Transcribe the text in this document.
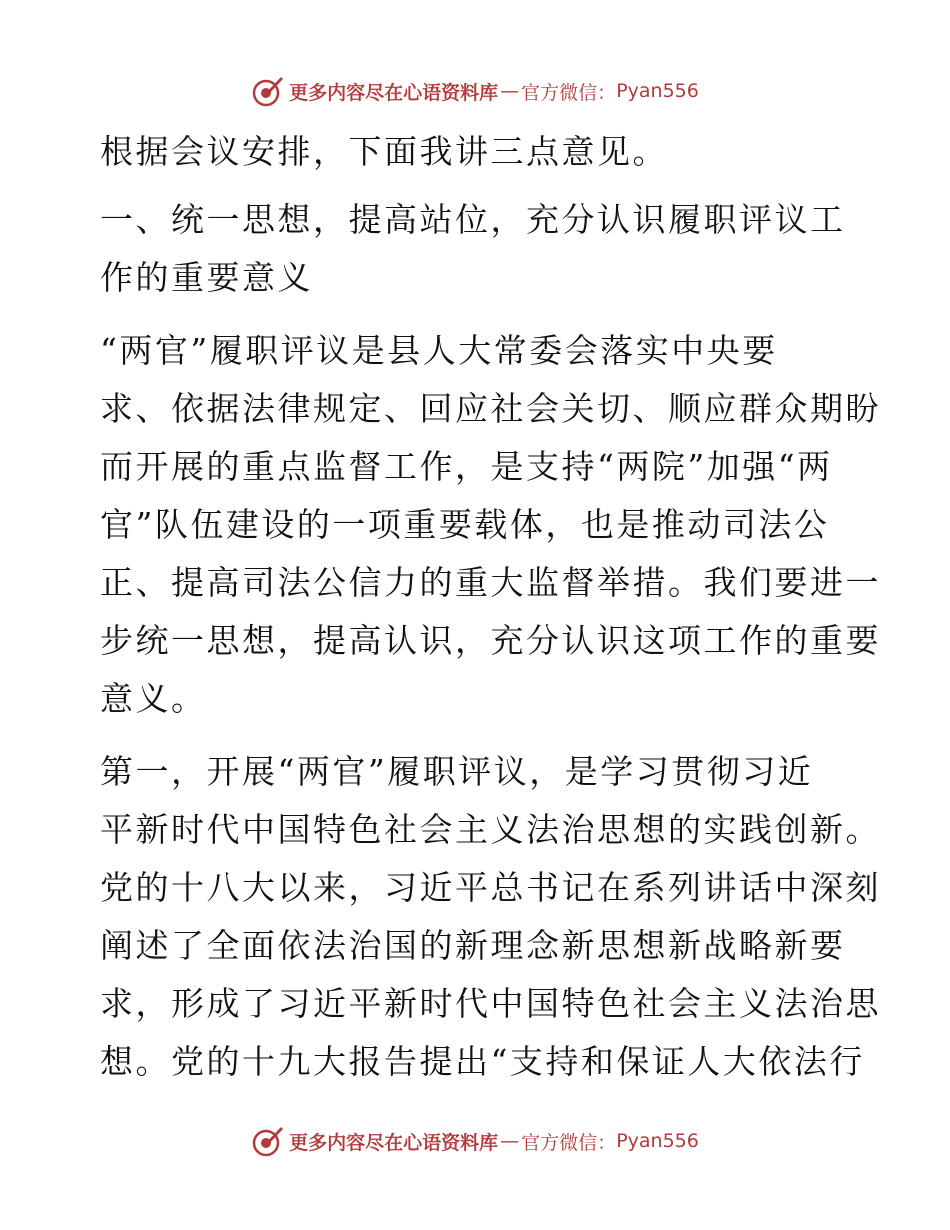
更多内容尽在心语资料库 — 官方微信： Pyan556
根据会议安排，下面我讲三点意见。
一、统一思想，提高站位，充分认识履职评议工
作的重要意义
“两官”履职评议是县人大常委会落实中央要
求、依据法律规定、回应社会关切、顺应群众期盼
而开展的重点监督工作，是支持“两院”加强“两
官”队伍建设的一项重要载体，也是推动司法公
正、提高司法公信力的重大监督举措。我们要进一
步统一思想，提高认识，充分认识这项工作的重要
意义。
第一，开展“两官”履职评议，是学习贯彻习近
平新时代中国特色社会主义法治思想的实践创新。
党的十八大以来，习近平总书记在系列讲话中深刻
阐述了全面依法治国的新理念新思想新战略新要
求，形成了习近平新时代中国特色社会主义法治思
想。党的十九大报告提出“支持和保证人大依法行
更多内容尽在心语资料库 — 官方微信： Pyan556
